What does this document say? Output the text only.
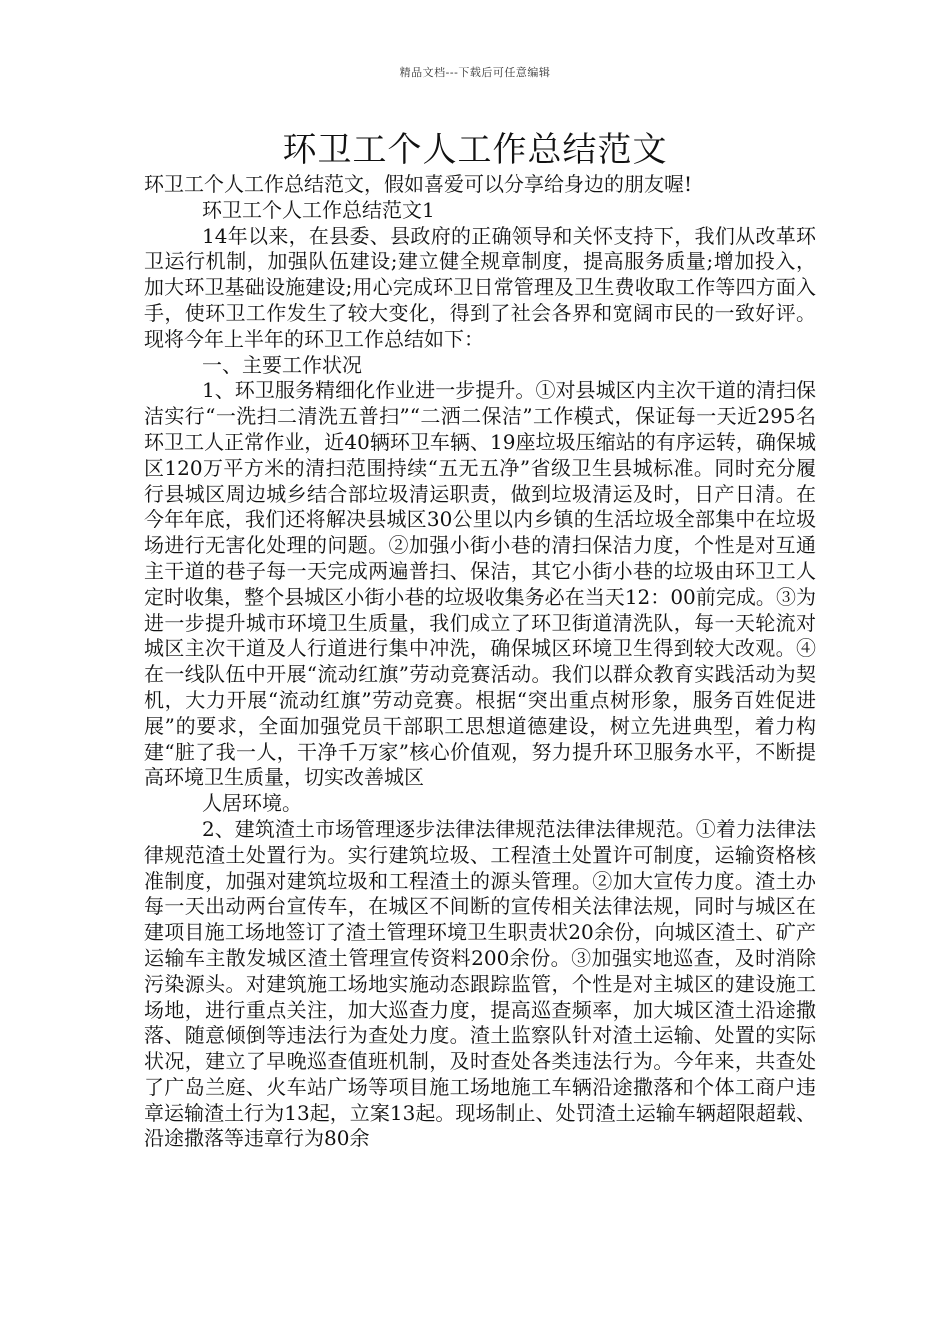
精品文档---下载后可任意编辑
环卫工个人工作总结范文

环卫工个人工作总结范文，假如喜爱可以分享给身边的朋友喔!

环卫工个人工作总结范文1

14年以来，在县委、县政府的正确领导和关怀支持下，我们从改革环卫运行机制，加强队伍建设;建立健全规章制度，提高服务质量;增加投入，加大环卫基础设施建设;用心完成环卫日常管理及卫生费收取工作等四方面入手，使环卫工作发生了较大变化，得到了社会各界和宽阔市民的一致好评。现将今年上半年的环卫工作总结如下：

一、主要工作状况

1、环卫服务精细化作业进一步提升。①对县城区内主次干道的清扫保洁实行“一洗扫二清洗五普扫”“二洒二保洁”工作模式，保证每一天近295名环卫工人正常作业，近40辆环卫车辆、19座垃圾压缩站的有序运转，确保城区120万平方米的清扫范围持续“五无五净”省级卫生县城标准。同时充分履行县城区周边城乡结合部垃圾清运职责，做到垃圾清运及时，日产日清。在今年年底，我们还将解决县城区30公里以内乡镇的生活垃圾全部集中在垃圾场进行无害化处理的问题。②加强小街小巷的清扫保洁力度，个性是对互通主干道的巷子每一天完成两遍普扫、保洁，其它小街小巷的垃圾由环卫工人定时收集，整个县城区小街小巷的垃圾收集务必在当天12：00前完成。③为进一步提升城市环境卫生质量，我们成立了环卫街道清洗队，每一天轮流对城区主次干道及人行道进行集中冲洗，确保城区环境卫生得到较大改观。④在一线队伍中开展“流动红旗”劳动竞赛活动。我们以群众教育实践活动为契机，大力开展“流动红旗”劳动竞赛。根据“突出重点树形象，服务百姓促进展”的要求，全面加强党员干部职工思想道德建设，树立先进典型，着力构建“脏了我一人，干净千万家”核心价值观，努力提升环卫服务水平，不断提高环境卫生质量，切实改善城区

人居环境。

2、建筑渣土市场管理逐步法律法律规范法律法律规范。①着力法律法律规范渣土处置行为。实行建筑垃圾、工程渣土处置许可制度，运输资格核准制度，加强对建筑垃圾和工程渣土的源头管理。②加大宣传力度。渣土办每一天出动两台宣传车，在城区不间断的宣传相关法律法规，同时与城区在建项目施工场地签订了渣土管理环境卫生职责状20余份，向城区渣土、矿产运输车主散发城区渣土管理宣传资料200余份。③加强实地巡查，及时消除污染源头。对建筑施工场地实施动态跟踪监管，个性是对主城区的建设施工场地，进行重点关注，加大巡查力度，提高巡查频率，加大城区渣土沿途撒落、随意倾倒等违法行为查处力度。渣土监察队针对渣土运输、处置的实际状况，建立了早晚巡查值班机制，及时查处各类违法行为。今年来，共查处了广岛兰庭、火车站广场等项目施工场地施工车辆沿途撒落和个体工商户违章运输渣土行为13起，立案13起。现场制止、处罚渣土运输车辆超限超载、沿途撒落等违章行为80余
